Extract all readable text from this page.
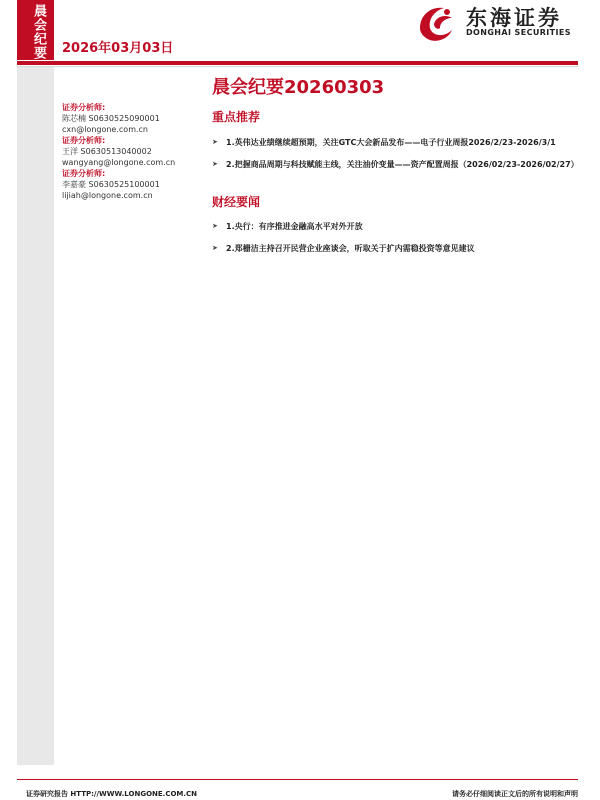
晨会纪要 2026年03月03日
东海证券
DONGHAI SECURITIES
证券分析师:
陈芯楠 S0630525090001
cxn@longone.com.cn
证券分析师:
王洋 S0630513040002
wangyang@longone.com.cn
证券分析师:
李嘉豪 S0630525100001
lijiah@longone.com.cn
晨会纪要20260303
重点推荐
➤	1.英伟达业绩继续超预期，关注GTC大会新品发布——电子行业周报2026/2/23-2026/3/1
➤	2.把握商品周期与科技赋能主线，关注油价变量——资产配置周报（2026/02/23-2026/02/27）
财经要闻
➤	1.央行：有序推进金融高水平对外开放
➤	2.郑栅洁主持召开民营企业座谈会，听取关于扩内需稳投资等意见建议
证券研究报告 HTTP://WWW.LONGONE.COM.CN	请务必仔细阅读正文后的所有说明和声明
